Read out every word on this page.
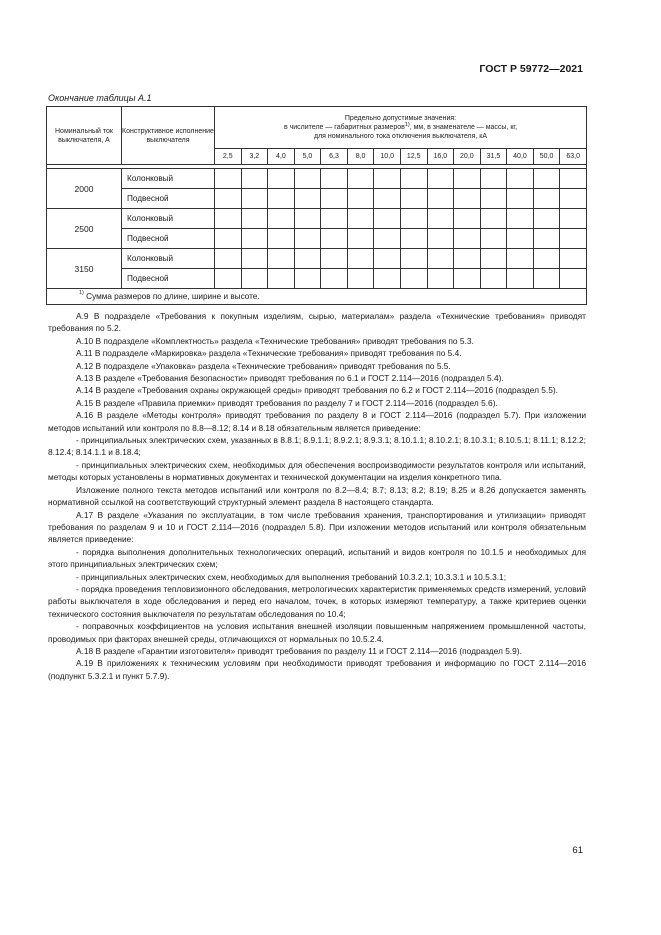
ГОСТ Р 59772—2021
Окончание таблицы А.1
Номинальный ток выключателя, А	Конструктивное исполнение выключателя	Предельно допустимые значения:
в числителе — габаритных размеров$^{1)}$, мм, в знаменателе — массы, кг,
для номинального тока отключения выключателя, кА													

		2,5	3,2	4,0	5,0	6,3	8,0	10,0	12,5	16,0	20,0	31,5	40,0	50,0	63,0

2000	Колонковый														
	Подвесной														
2500	Колонковый														
	Подвесной														
3150	Колонковый														
	Подвесной														
$^{1)}$ Сумма размеров по длине, ширине и высоте.															

А.9 В подразделе «Требования к покупным изделиям, сырью, материалам» раздела «Технические требования» приводят требования по 5.2.

А.10 В подразделе «Комплектность» раздела «Технические требования» приводят требования по 5.3.

А.11 В подразделе «Маркировка» раздела «Технические требования» приводят требования по 5.4.

А.12 В подразделе «Упаковка» раздела «Технические требования» приводят требования по 5.5.

А.13 В разделе «Требования безопасности» приводят требования по 6.1 и ГОСТ 2.114—2016 (подраздел 5.4).

А.14 В разделе «Требования охраны окружающей среды» приводят требования по 6.2 и ГОСТ 2.114—2016 (подраздел 5.5).

А.15 В разделе «Правила приемки» приводят требования по разделу 7 и ГОСТ 2.114—2016 (подраздел 5.6).

А.16 В разделе «Методы контроля» приводят требования по разделу 8 и ГОСТ 2.114—2016 (подраздел 5.7). При изложении методов испытаний или контроля по 8.8—8.12; 8.14 и 8.18 обязательным является приведение:

- принципиальных электрических схем, указанных в 8.8.1; 8.9.1.1; 8.9.2.1; 8.9.3.1; 8.10.1.1; 8.10.2.1; 8.10.3.1; 8.10.5.1; 8.11.1; 8.12.2; 8.12.4; 8.14.1.1 и 8.18.4;

- принципиальных электрических схем, необходимых для обеспечения воспроизводимости результатов контроля или испытаний, методы которых установлены в нормативных документах и технической документации на изделия конкретного типа.

Изложение полного текста методов испытаний или контроля по 8.2—8.4; 8.7; 8.13; 8.2; 8.19; 8.25 и 8.26 допускается заменять нормативной ссылкой на соответствующий структурный элемент раздела 8 настоящего стандарта.

А.17 В разделе «Указания по эксплуатации, в том числе требования хранения, транспортирования и утилизации» приводят требования по разделам 9 и 10 и ГОСТ 2.114—2016 (подраздел 5.8). При изложении методов испытаний или контроля обязательным является приведение:

- порядка выполнения дополнительных технологических операций, испытаний и видов контроля по 10.1.5 и необходимых для этого принципиальных электрических схем;

- принципиальных электрических схем, необходимых для выполнения требований 10.3.2.1; 10.3.3.1 и 10.5.3.1;

- порядка проведения тепловизионного обследования, метрологических характеристик применяемых средств измерений, условий работы выключателя в ходе обследования и перед его началом, точек, в которых измеряют температуру, а также критериев оценки технического состояния выключателя по результатам обследования по 10.4;

- поправочных коэффициентов на условия испытания внешней изоляции повышенным напряжением промышленной частоты, проводимых при факторах внешней среды, отличающихся от нормальных по 10.5.2.4.

А.18 В разделе «Гарантии изготовителя» приводят требования по разделу 11 и ГОСТ 2.114—2016 (подраздел 5.9).

А.19 В приложениях к техническим условиям при необходимости приводят требования и информацию по ГОСТ 2.114—2016 (подпункт 5.3.2.1 и пункт 5.7.9).

61
